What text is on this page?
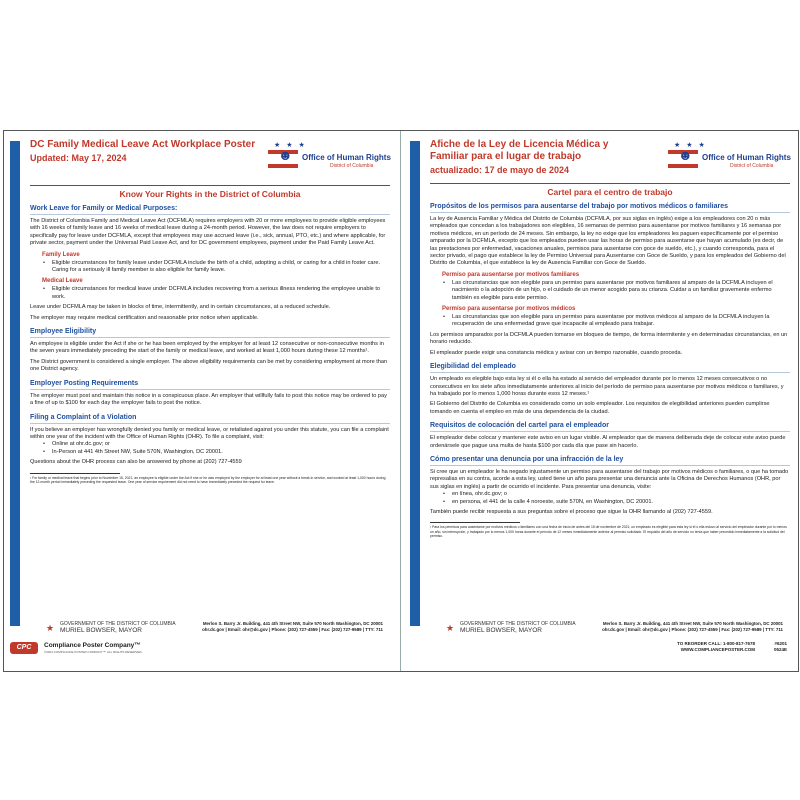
★ ★ ★
☻ Office of Human Rights
District of Columbia
DC Family Medical Leave Act Workplace Poster
Updated: May 17, 2024
Know Your Rights in the District of Columbia
Work Leave for Family or Medical Purposes:
The District of Columbia Family and Medical Leave Act (DCFMLA) requires employers with 20 or more employees to provide eligible employees with 16 weeks of family leave and 16 weeks of medical leave during a 24-month period. However, the law does not require employers to specifically pay for leave under DCFMLA, except that employees may use accrued leave (i.e., sick, annual, PTO, etc.) and where applicable, for private sector, payment under the Universal Paid Leave Act, and for DC government employees, payment under the Paid Family Leave Act.
Family Leave
• Eligible circumstances for family leave under DCFMLA include the birth of a child, adopting a child, or caring for a child in foster care. Caring for a seriously ill family member is also eligible for family leave.
Medical Leave
• Eligible circumstances for medical leave under DCFMLA includes recovering from a serious illness rendering the employee unable to work.
Leave under DCFMLA may be taken in blocks of time, intermittently, and in certain circumstances, at a reduced schedule.
The employer may require medical certification and reasonable prior notice when applicable.
Employee Eligibility
An employee is eligible under the Act if she or he has been employed by the employer for at least 12 consecutive or non-consecutive months in the seven years immediately preceding the start of the family or medical leave, and worked at least 1,000 hours during these 12 months¹.
The District government is considered a single employer. The above eligibility requirements can be met by considering employment at more than one District agency.
Employer Posting Requirements
The employer must post and maintain this notice in a conspicuous place. An employer that willfully fails to post this notice may be ordered to pay a fine of up to $100 for each day the employer fails to post the notice.
Filing a Complaint of a Violation
If you believe an employer has wrongfully denied you family or medical leave, or retaliated against you under this statute, you can file a complaint within one year of the incident with the Office of Human Rights (OHR). To file a complaint, visit:
• Online at ohr.dc.gov; or
• In-Person at 441 4th Street NW, Suite 570N, Washington, DC 20001.
Questions about the OHR process can also be answered by phone at (202) 727-4559
¹ For family or medical leave that begins prior to November 15, 2021, an employee is eligible under the Act if she or he was employed by the employer for at least one year without a break in service, and worked at least 1,000 hours during the 12-month period immediately preceding the requested leave. One year of service requirement did not need to have immediately preceded the request for leave.
★	GOVERNMENT OF THE DISTRICT OF COLUMBIA
MURIEL BOWSER, MAYOR
Merlon S. Barry Jr. Building, 441 4th Street NW, Suite 570 North Washington, DC 20001
ohr.dc.gov | Email: ohr@dc.gov | Phone: (202) 727-4559 | Fax: (202) 727-9589 | TTY: 711
CPC	Compliance Poster Company™
©2024 COMPLIANCE POSTER COMPANY™. ALL RIGHTS RESERVED.
★ ★ ★
☻ Office of Human Rights
District of Columbia
Afiche de la Ley de Licencia Médica y Familiar para el lugar de trabajo
actualizado: 17 de mayo de 2024
Cartel para el centro de trabajo
Propósitos de los permisos para ausentarse del trabajo por motivos médicos o familiares
La ley de Ausencia Familiar y Médica del Distrito de Columbia (DCFMLA, por sus siglas en inglés) exige a los empleadores con 20 o más empleados que concedan a los trabajadores son elegibles, 16 semanas de permiso para ausentarse por motivos familiares y 16 semanas por motivos médicos, en un período de 24 meses. Sin embargo, la ley no exige que los empleadores les paguen específicamente por el permiso amparado por la DCFMLA, excepto que los empleados pueden usar las horas de permiso para ausentarse que hayan acumulado (es decir, de las prestaciones por enfermedad, vacaciones anuales, permisos para ausentarse con goce de sueldo, etc.), y cuando corresponda, para el sector privado, el pago que establece la ley de Permiso Universal para Ausentarse con Goce de Sueldo, y para los empleados del Gobierno del Distrito de Columbia, el que establece la ley de Ausencia Familiar con Goce de Sueldo.
Permiso para ausentarse por motivos familiares
• Las circunstancias que son elegible para un permiso para ausentarse por motivos familiares al amparo de la DCFMLA incluyen el nacimiento o la adopción de un hijo, o el cuidado de un menor acogido para su crianza. Cuidar a un familiar gravemente enfermo también es elegible para este permiso.
Permiso para ausentarse por motivos médicos
• Las circunstancias que son elegible para un permiso para ausentarse por motivos médicos al amparo de la DCFMLA incluyen la recuperación de una enfermedad grave que incapacite al empleado para trabajar.
Los permisos amparados por la DCFMLA pueden tomarse en bloques de tiempo, de forma intermitente y en determinadas circunstancias, en un horario reducido.
El empleador puede exigir una constancia médica y avisar con un tiempo razonable, cuando proceda.
Elegibilidad del empleado
Un empleado es elegible bajo esta ley si él o ella ha estado al servicio del empleador durante por lo menos 12 meses consecutivos o no consecutivos en los siete años inmediatamente anteriores al inicio del período de permiso para ausentarse por motivos médicos o familiares, y ha trabajado por lo menos 1,000 horas durante esos 12 meses.¹
El Gobierno del Distrito de Columbia es considerado como un solo empleador. Los requisitos de elegibilidad anteriores pueden cumplirse tomando en cuenta el empleo en más de una dependencia de la ciudad.
Requisitos de colocación del cartel para el empleador
El empleador debe colocar y mantener este aviso en un lugar visible. Al empleador que de manera deliberada deje de colocar este aviso puede ordenársele que pague una multa de hasta $100 por cada día que pase sin hacerlo.
Cómo presentar una denuncia por una infracción de la ley
Si cree que un empleador le ha negado injustamente un permiso para ausentarse del trabajo por motivos médicos o familiares, o que ha tomado represalias en su contra, acorde a esta ley, usted tiene un año para presentar una denuncia ante la Oficina de Derechos Humanos (OHR, por sus siglas en inglés) a partir de ocurrido el incidente. Para presentar una denuncia, visite:
• en línea, ohr.dc.gov; o
• en persona, el 441 de la calle 4 noroeste, suite 570N, en Washington, DC 20001.
También puede recibir respuesta a sus preguntas sobre el proceso que sigue la OHR llamando al (202) 727-4559.
¹ Para los permisos para ausentarse por motivos médicos o familiares con una fecha de inicio de antes del 15 de noviembre de 2021, un empleado es elegible para esta ley si él o ella estuvo al servicio del empleador durante por lo menos un año, sin interrupción, y trabajado por lo menos 1,000 horas durante el período de 12 meses inmediatamente anterior al permiso solicitado. El requisito del año de servicio no tenía que haber precedido inmediatamente a la solicitud del permiso.
★	GOVERNMENT OF THE DISTRICT OF COLUMBIA
MURIEL BOWSER, MAYOR
Merlon S. Barry Jr. Building, 441 4th Street NW, Suite 570 North Washington, DC 20001
ohr.dc.gov | Email: ohr@dc.gov | Phone: (202) 727-4559 | Fax: (202) 727-9589 | TTY: 711
TO REORDER CALL: 1-800-817-7678
WWW.COMPLIANCEPOSTER.COM
#6201
0524E
